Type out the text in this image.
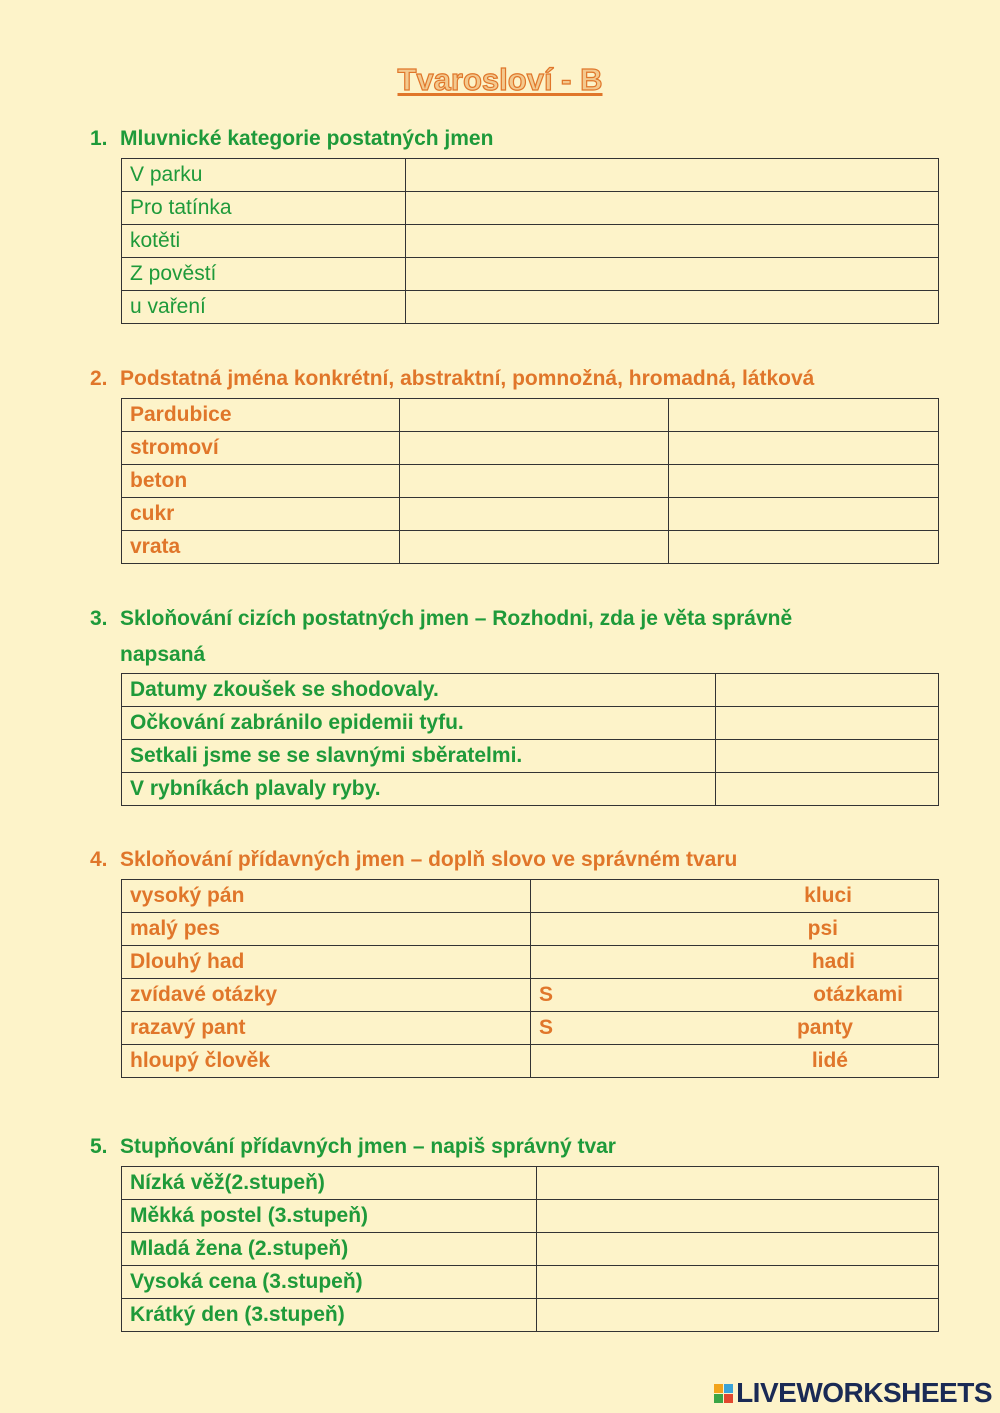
Tvarosloví - B
1. Mluvnické kategorie postatných jmen
V parku	
Pro tatínka	
kotěti	
Z pověstí	
u vaření	
2. Podstatná jména konkrétní, abstraktní, pomnožná, hromadná, látková
Pardubice		
stromoví		
beton		
cukr		
vrata		
3. Skloňování cizích postatných jmen – Rozhodni, zda je věta správně napsaná
Datumy zkoušek se shodovaly.	
Očkování zabránilo epidemii tyfu.	
Setkali jsme se se slavnými sběratelmi.	
V rybníkách plavaly ryby.	
4. Skloňování přídavných jmen – doplň slovo ve správném tvaru
vysoký pán	kluci

malý pes	psi

Dlouhý had	hadi

zvídavé otázky	S otázkami

razavý pant	S panty

hloupý člověk	lidé
5. Stupňování přídavných jmen – napiš správný tvar
Nízká věž(2.stupeň)	
Měkká postel (3.stupeň)	
Mladá žena (2.stupeň)	
Vysoká cena (3.stupeň)	
Krátký den (3.stupeň)	
LIVEWORKSHEETS
